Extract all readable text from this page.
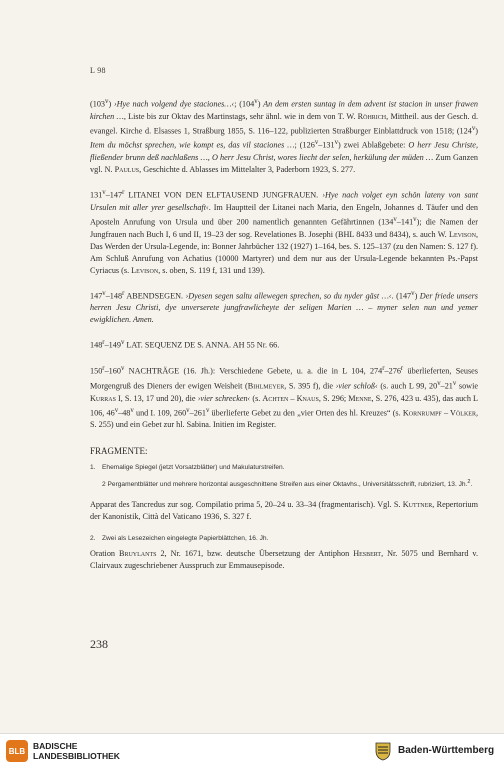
L 98

(103$^v$) ›Hye nach volgend dye staciones…‹; (104$^v$) An dem ersten suntag in dem advent ist stacion in unser frawen kirchen …, Liste bis zur Oktav des Martinstags, sehr ähnl. wie in dem von T. W. Röhrich, Mittheil. aus der Gesch. d. evangel. Kirche d. Elsasses 1, Straßburg 1855, S. 116–122, publizierten Straßburger Einblattdruck von 1518; (124$^v$) Item du möchst sprechen, wie kompt es, das vil staciones …; (126$^v$–131$^v$) zwei Ablaßgebete: O herr Jesu Christe, fließender brunn deß nachlaßens …, O herr Jesu Christ, wores liecht der selen, herkülung der müden … Zum Ganzen vgl. N. Paulus, Geschichte d. Ablasses im Mittelalter 3, Paderborn 1923, S. 277.

131$^v$–147$^r$ LITANEI VON DEN ELFTAUSEND JUNGFRAUEN. ›Hye nach volget eyn schön lateny von sant Ursulen mit aller yrer gesellschaft‹. Im Hauptteil der Litanei nach Maria, den Engeln, Johannes d. Täufer und den Aposteln Anrufung von Ursula und über 200 namentlich genannten Gefährtinnen (134$^v$–141$^v$); die Namen der Jungfrauen nach Buch I, 6 und II, 19–23 der sog. Revelationes B. Josephi (BHL 8433 und 8434), s. auch W. Levison, Das Werden der Ursula-Legende, in: Bonner Jahrbücher 132 (1927) 1–164, bes. S. 125–137 (zu den Namen: S. 127 f). Am Schluß Anrufung von Achatius (10000 Martyrer) und dem nur aus der Ursula-Legende bekannten Ps.-Papst Cyriacus (s. Levison, s. oben, S. 119 f, 131 und 139).

147$^v$–148$^r$ ABENDSEGEN. ›Dyesen segen saltu allewegen sprechen, so du nyder gäst …‹. (147$^v$) Der friede unsers herren Jesu Christi, dye unverserete jungfrawlicheyte der seligen Marien … – myner selen nun und yemer ewigklichen. Amen.

148$^r$–149$^v$ LAT. SEQUENZ DE S. ANNA. AH 55 Nr. 66.

150$^r$–160$^v$ NACHTRÄGE (16. Jh.): Verschiedene Gebete, u. a. die in L 104, 274$^r$–276$^r$ überlieferten, Seuses Morgengruß des Dieners der ewigen Weisheit (Bihlmeyer, S. 395 f), die ›vier schloß‹ (s. auch L 99, 20$^v$–21$^v$ sowie Kurras I, S. 13, 17 und 20), die ›vier schrecken‹ (s. Achten – Knaus, S. 296; Menne, S. 276, 423 u. 435), das auch L 106, 46$^v$–48$^v$ und I. 109, 260$^v$–261$^v$ überlieferte Gebet zu den „vier Orten des hl. Kreuzes“ (s. Kornrumpf – Völker, S. 255) und ein Gebet zur hl. Sabina. Initien im Register.

FRAGMENTE:
1. Ehemalige Spiegel (jetzt Vorsatzblätter) und Makulaturstreifen.
2 Pergamentblätter und mehrere horizontal ausgeschnittene Streifen aus einer Oktavhs., Universitätsschrift, rubriziert, 13. Jh.$^2$.

Apparat des Tancredus zur sog. Compilatio prima 5, 20–24 u. 33–34 (fragmentarisch). Vgl. S. Kuttner, Repertorium der Kanonistik, Città del Vaticano 1936, S. 327 f.

2. Zwei als Lesezeichen eingelegte Papierblättchen, 16. Jh.

Oration Bruylants 2, Nr. 1671, bzw. deutsche Übersetzung der Antiphon Hesbert, Nr. 5075 und Bernhard v. Clairvaux zugeschriebener Ausspruch zur Emmausepisode.

238
BLB BADISCHE
LANDESBIBLIOTHEK	Baden-Württemberg
